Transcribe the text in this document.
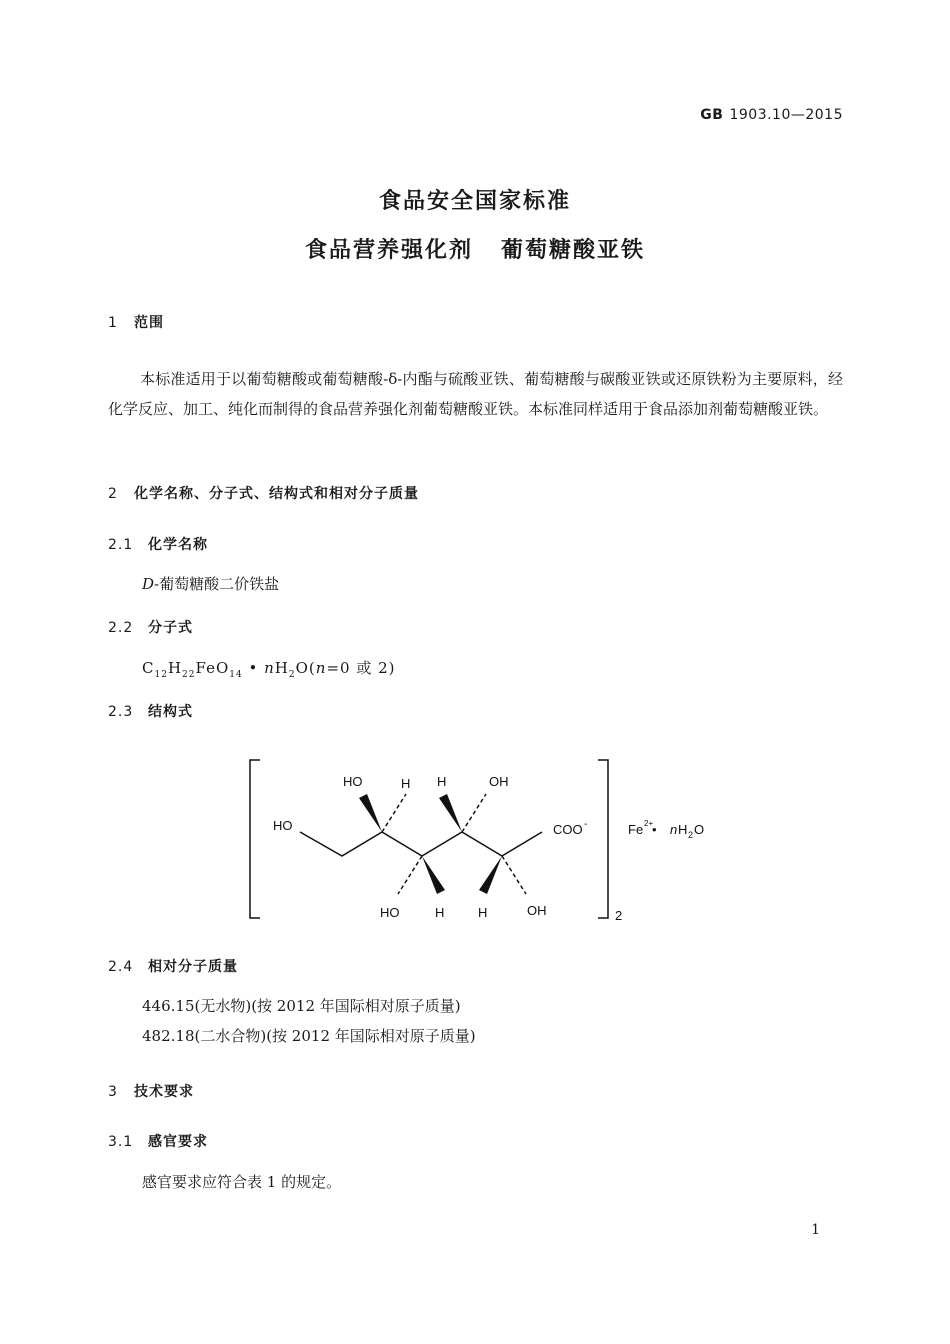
GB 1903.10—2015
食品安全国家标准
食品营养强化剂 葡萄糖酸亚铁
1 范围

本标准适用于以葡萄糖酸或葡萄糖酸-δ-内酯与硫酸亚铁、葡萄糖酸与碳酸亚铁或还原铁粉为主要原料，经化学反应、加工、纯化而制得的食品营养强化剂葡萄糖酸亚铁。本标准同样适用于食品添加剂葡萄糖酸亚铁。

2 化学名称、分子式、结构式和相对分子质量
2.1 化学名称
D-葡萄糖酸二价铁盐
2.2 分子式
$C_{12}H_{22}FeO_{14}$ • $nH_2O(n=0$ 或 2)
2.3 结构式
2
HO	H H	OH
HO	COO -
HO	H	H	OH
Fe 2+
• n H 2 O
2.4 相对分子质量
446.15(无水物)(按 2012 年国际相对原子质量)
482.18(二水合物)(按 2012 年国际相对原子质量)
3 技术要求
3.1 感官要求
感官要求应符合表 1 的规定。
1
